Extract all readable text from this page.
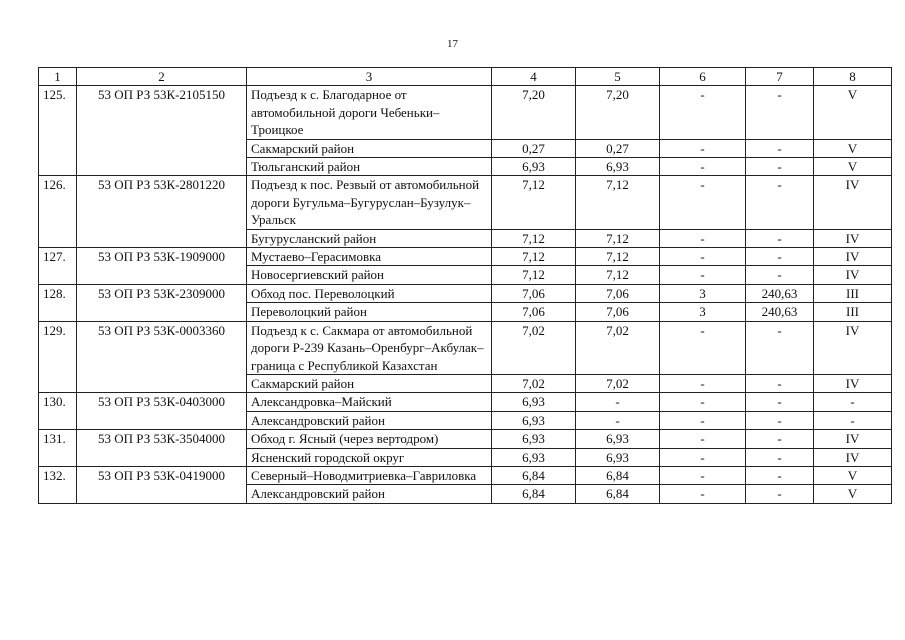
17
1	2	3	4	5	6	7	8
125.	53 ОП РЗ 53К-2105150	Подъезд к с. Благодарное от автомобильной дороги Чебеньки–Троицкое	7,20	7,20	-	-	V
		Сакмарский район	0,27	0,27	-	-	V
		Тюльганский район	6,93	6,93	-	-	V
126.	53 ОП РЗ 53К-2801220	Подъезд к пос. Резвый от автомобильной дороги Бугульма–Бугуруслан–Бузулук–Уральск	7,12	7,12	-	-	IV
		Бугурусланский район	7,12	7,12	-	-	IV
127.	53 ОП РЗ 53К-1909000	Мустаево–Герасимовка	7,12	7,12	-	-	IV
		Новосергиевский район	7,12	7,12	-	-	IV
128.	53 ОП РЗ 53К-2309000	Обход пос. Переволоцкий	7,06	7,06	3	240,63	III
		Переволоцкий район	7,06	7,06	3	240,63	III
129.	53 ОП РЗ 53К-0003360	Подъезд к с. Сакмара от автомобильной дороги Р-239 Казань–Оренбург–Акбулак–граница с Республикой Казахстан	7,02	7,02	-	-	IV
		Сакмарский район	7,02	7,02	-	-	IV
130.	53 ОП РЗ 53К-0403000	Александровка–Майский	6,93	-	-	-	-
		Александровский район	6,93	-	-	-	-
131.	53 ОП РЗ 53К-3504000	Обход г. Ясный (через вертодром)	6,93	6,93	-	-	IV
		Ясненский городской округ	6,93	6,93	-	-	IV
132.	53 ОП РЗ 53К-0419000	Северный–Новодмитриевка–Гавриловка	6,84	6,84	-	-	V
		Александровский район	6,84	6,84	-	-	V
